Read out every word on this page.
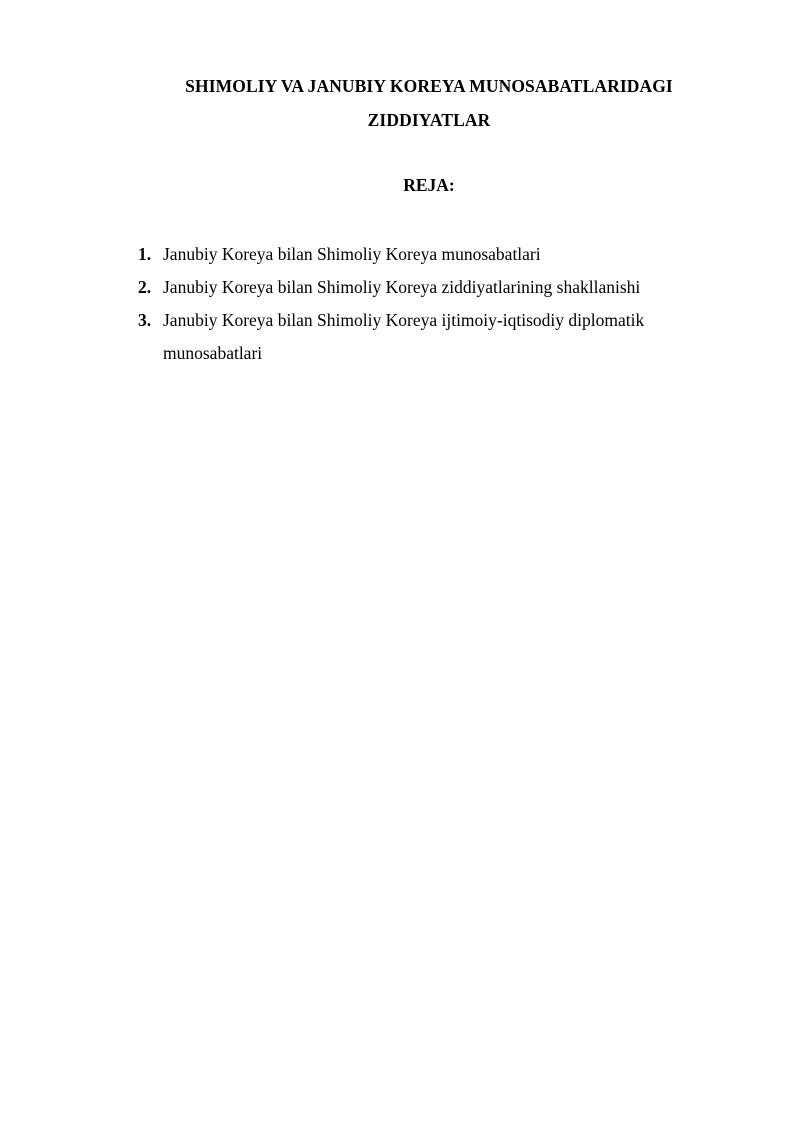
SHIMOLIY VA JANUBIY KOREYA MUNOSABATLARIDAGI
ZIDDIYATLAR
REJA:
1. Janubiy Koreya bilan Shimoliy Koreya munosabatlari
2. Janubiy Koreya bilan Shimoliy Koreya ziddiyatlarining shakllanishi
3. Janubiy Koreya bilan Shimoliy Koreya ijtimoiy-iqtisodiy diplomatik munosabatlari
